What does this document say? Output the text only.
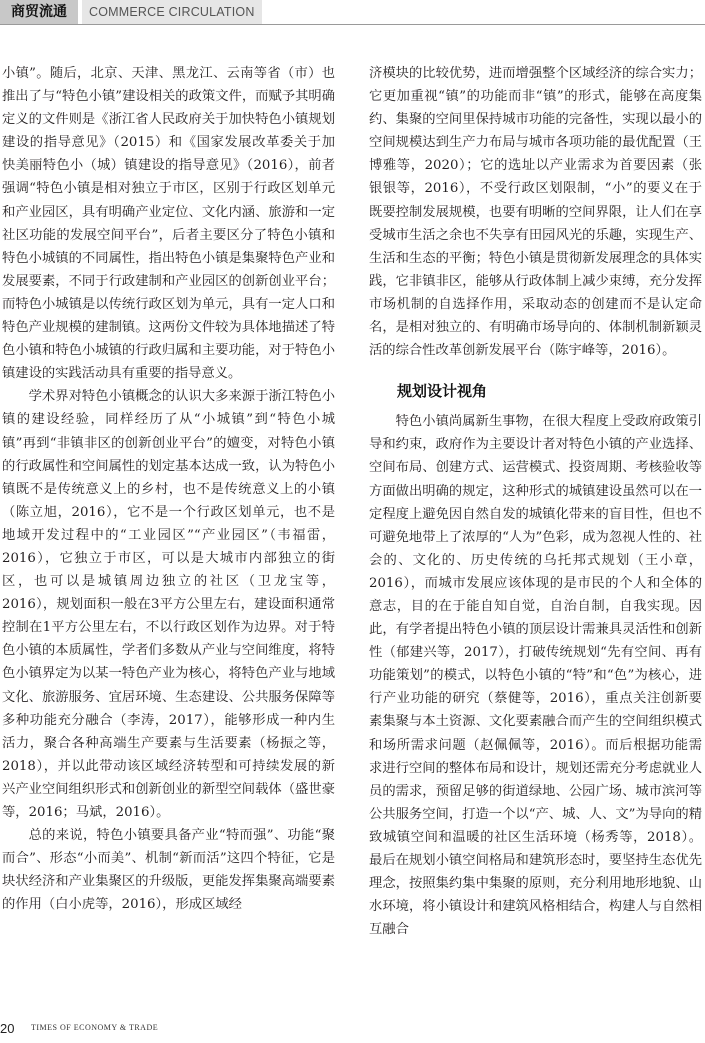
商贸流通	COMMERCE CIRCULATION

小镇”。随后，北京、天津、黑龙江、云南等省（市）也推出了与“特色小镇”建设相关的政策文件，而赋予其明确定义的文件则是《浙江省人民政府关于加快特色小镇规划建设的指导意见》（2015）和《国家发展改革委关于加快美丽特色小（城）镇建设的指导意见》（2016），前者强调“特色小镇是相对独立于市区，区别于行政区划单元和产业园区，具有明确产业定位、文化内涵、旅游和一定社区功能的发展空间平台”，后者主要区分了特色小镇和特色小城镇的不同属性，指出特色小镇是集聚特色产业和发展要素，不同于行政建制和产业园区的创新创业平台；而特色小城镇是以传统行政区划为单元，具有一定人口和特色产业规模的建制镇。这两份文件较为具体地描述了特色小镇和特色小城镇的行政归属和主要功能，对于特色小镇建设的实践活动具有重要的指导意义。

学术界对特色小镇概念的认识大多来源于浙江特色小镇的建设经验，同样经历了从“小城镇”到“特色小城镇”再到“非镇非区的创新创业平台”的嬗变，对特色小镇的行政属性和空间属性的划定基本达成一致，认为特色小镇既不是传统意义上的乡村，也不是传统意义上的小镇（陈立旭，2016），它不是一个行政区划单元，也不是地域开发过程中的“工业园区”“产业园区”（韦福雷，2016），它独立于市区，可以是大城市内部独立的街区，也可以是城镇周边独立的社区（卫龙宝等，2016），规划面积一般在3平方公里左右，建设面积通常控制在1平方公里左右，不以行政区划作为边界。对于特色小镇的本质属性，学者们多数从产业与空间维度，将特色小镇界定为以某一特色产业为核心，将特色产业与地域文化、旅游服务、宜居环境、生态建设、公共服务保障等多种功能充分融合（李涛，2017），能够形成一种内生活力，聚合各种高端生产要素与生活要素（杨振之等，2018），并以此带动该区域经济转型和可持续发展的新兴产业空间组织形式和创新创业的新型空间载体（盛世豪等，2016；马斌，2016）。

总的来说，特色小镇要具备产业“特而强”、功能“聚而合”、形态“小而美”、机制“新而活”这四个特征，它是块状经济和产业集聚区的升级版，更能发挥集聚高端要素的作用（白小虎等，2016），形成区域经

济模块的比较优势，进而增强整个区域经济的综合实力；它更加重视“镇”的功能而非“镇”的形式，能够在高度集约、集聚的空间里保持城市功能的完备性，实现以最小的空间规模达到生产力布局与城市各项功能的最优配置（王博雅等，2020）；它的选址以产业需求为首要因素（张银银等，2016），不受行政区划限制，“小”的要义在于既要控制发展规模，也要有明晰的空间界限，让人们在享受城市生活之余也不失享有田园风光的乐趣，实现生产、生活和生态的平衡；特色小镇是贯彻新发展理念的具体实践，它非镇非区，能够从行政体制上减少束缚，充分发挥市场机制的自选择作用，采取动态的创建而不是认定命名，是相对独立的、有明确市场导向的、体制机制新颖灵活的综合性改革创新发展平台（陈宇峰等，2016）。

规划设计视角

特色小镇尚属新生事物，在很大程度上受政府政策引导和约束，政府作为主要设计者对特色小镇的产业选择、空间布局、创建方式、运营模式、投资周期、考核验收等方面做出明确的规定，这种形式的城镇建设虽然可以在一定程度上避免因自然自发的城镇化带来的盲目性，但也不可避免地带上了浓厚的“人为”色彩，成为忽视人性的、社会的、文化的、历史传统的乌托邦式规划（王小章，2016），而城市发展应该体现的是市民的个人和全体的意志，目的在于能自知自觉，自治自制，自我实现。因此，有学者提出特色小镇的顶层设计需兼具灵活性和创新性（郁建兴等，2017），打破传统规划“先有空间、再有功能策划”的模式，以特色小镇的“特”和“色”为核心，进行产业功能的研究（蔡健等，2016），重点关注创新要素集聚与本土资源、文化要素融合而产生的空间组织模式和场所需求问题（赵佩佩等，2016）。而后根据功能需求进行空间的整体布局和设计，规划还需充分考虑就业人员的需求，预留足够的街道绿地、公园广场、城市滨河等公共服务空间，打造一个以“产、城、人、文”为导向的精致城镇空间和温暖的社区生活环境（杨秀等，2018）。最后在规划小镇空间格局和建筑形态时，要坚持生态优先理念，按照集约集中集聚的原则，充分利用地形地貌、山水环境，将小镇设计和建筑风格相结合，构建人与自然相互融合

20 TIMES OF ECONOMY & TRADE
